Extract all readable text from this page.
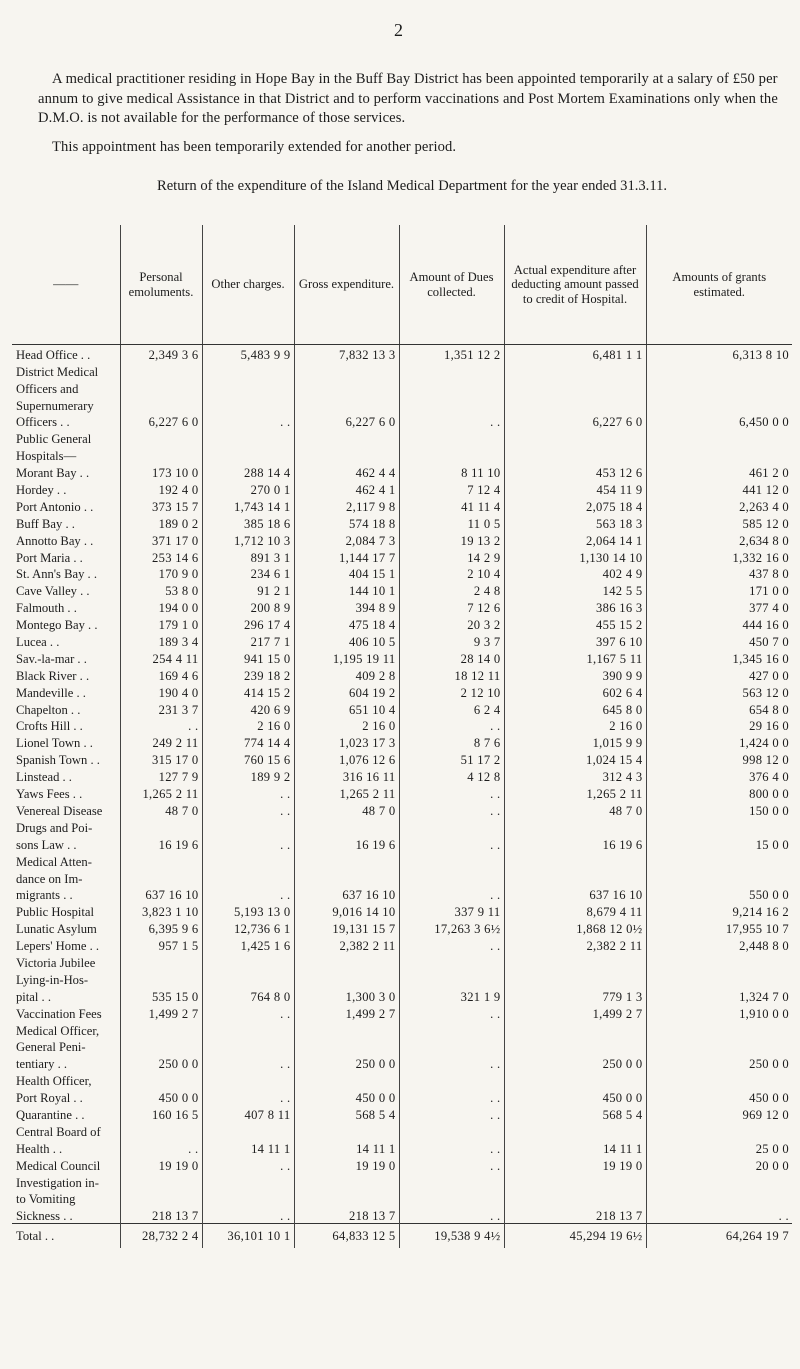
2
A medical practitioner residing in Hope Bay in the Buff Bay District has been appointed temporarily at a salary of £50 per annum to give medical Assistance in that District and to perform vaccinations and Post Mortem Examinations only when the D.M.O. is not available for the performance of those services.
This appointment has been temporarily extended for another period.
Return of the expenditure of the Island Medical Department for the year ended 31.3.11.
——	Personal emoluments.	Other charges.	Gross expenditure.	Amount of Dues collected.	Actual expenditure after deducting amount passed to credit of Hospital.	Amounts of grants estimated.
Head Office . .	2,349 3 6	5,483 9 9	7,832 13 3	1,351 12 2	6,481 1 1	6,313 8 10
District Medical						
Officers and						
Supernumerary						
Officers . .	6,227 6 0	. .	6,227 6 0	. .	6,227 6 0	6,450 0 0
Public General						
Hospitals—						
Morant Bay . .	173 10 0	288 14 4	462 4 4	8 11 10	453 12 6	461 2 0
Hordey . .	192 4 0	270 0 1	462 4 1	7 12 4	454 11 9	441 12 0
Port Antonio . .	373 15 7	1,743 14 1	2,117 9 8	41 11 4	2,075 18 4	2,263 4 0
Buff Bay . .	189 0 2	385 18 6	574 18 8	11 0 5	563 18 3	585 12 0
Annotto Bay . .	371 17 0	1,712 10 3	2,084 7 3	19 13 2	2,064 14 1	2,634 8 0
Port Maria . .	253 14 6	891 3 1	1,144 17 7	14 2 9	1,130 14 10	1,332 16 0
St. Ann's Bay . .	170 9 0	234 6 1	404 15 1	2 10 4	402 4 9	437 8 0
Cave Valley . .	53 8 0	91 2 1	144 10 1	2 4 8	142 5 5	171 0 0
Falmouth . .	194 0 0	200 8 9	394 8 9	7 12 6	386 16 3	377 4 0
Montego Bay . .	179 1 0	296 17 4	475 18 4	20 3 2	455 15 2	444 16 0
Lucea . .	189 3 4	217 7 1	406 10 5	9 3 7	397 6 10	450 7 0
Sav.-la-mar . .	254 4 11	941 15 0	1,195 19 11	28 14 0	1,167 5 11	1,345 16 0
Black River . .	169 4 6	239 18 2	409 2 8	18 12 11	390 9 9	427 0 0
Mandeville . .	190 4 0	414 15 2	604 19 2	2 12 10	602 6 4	563 12 0
Chapelton . .	231 3 7	420 6 9	651 10 4	6 2 4	645 8 0	654 8 0
Crofts Hill . .	. .	2 16 0	2 16 0	. .	2 16 0	29 16 0
Lionel Town . .	249 2 11	774 14 4	1,023 17 3	8 7 6	1,015 9 9	1,424 0 0
Spanish Town . .	315 17 0	760 15 6	1,076 12 6	51 17 2	1,024 15 4	998 12 0
Linstead . .	127 7 9	189 9 2	316 16 11	4 12 8	312 4 3	376 4 0
Yaws Fees . .	1,265 2 11	. .	1,265 2 11	. .	1,265 2 11	800 0 0
Venereal Disease	48 7 0	. .	48 7 0	. .	48 7 0	150 0 0
Drugs and Poi-						
sons Law . .	16 19 6	. .	16 19 6	. .	16 19 6	15 0 0
Medical Atten-						
dance on Im-						
migrants . .	637 16 10	. .	637 16 10	. .	637 16 10	550 0 0
Public Hospital	3,823 1 10	5,193 13 0	9,016 14 10	337 9 11	8,679 4 11	9,214 16 2
Lunatic Asylum	6,395 9 6	12,736 6 1	19,131 15 7	17,263 3 6½	1,868 12 0½	17,955 10 7
Lepers' Home . .	957 1 5	1,425 1 6	2,382 2 11	. .	2,382 2 11	2,448 8 0
Victoria Jubilee						
Lying-in-Hos-						
pital . .	535 15 0	764 8 0	1,300 3 0	321 1 9	779 1 3	1,324 7 0
Vaccination Fees	1,499 2 7	. .	1,499 2 7	. .	1,499 2 7	1,910 0 0
Medical Officer,						
General Peni-						
tentiary . .	250 0 0	. .	250 0 0	. .	250 0 0	250 0 0
Health Officer,						
Port Royal . .	450 0 0	. .	450 0 0	. .	450 0 0	450 0 0
Quarantine . .	160 16 5	407 8 11	568 5 4	. .	568 5 4	969 12 0
Central Board of						
Health . .	. .	14 11 1	14 11 1	. .	14 11 1	25 0 0
Medical Council	19 19 0	. .	19 19 0	. .	19 19 0	20 0 0
Investigation in-						
to Vomiting						
Sickness . .	218 13 7	. .	218 13 7	. .	218 13 7	. .
Total . .	28,732 2 4	36,101 10 1	64,833 12 5	19,538 9 4½	45,294 19 6½	64,264 19 7
